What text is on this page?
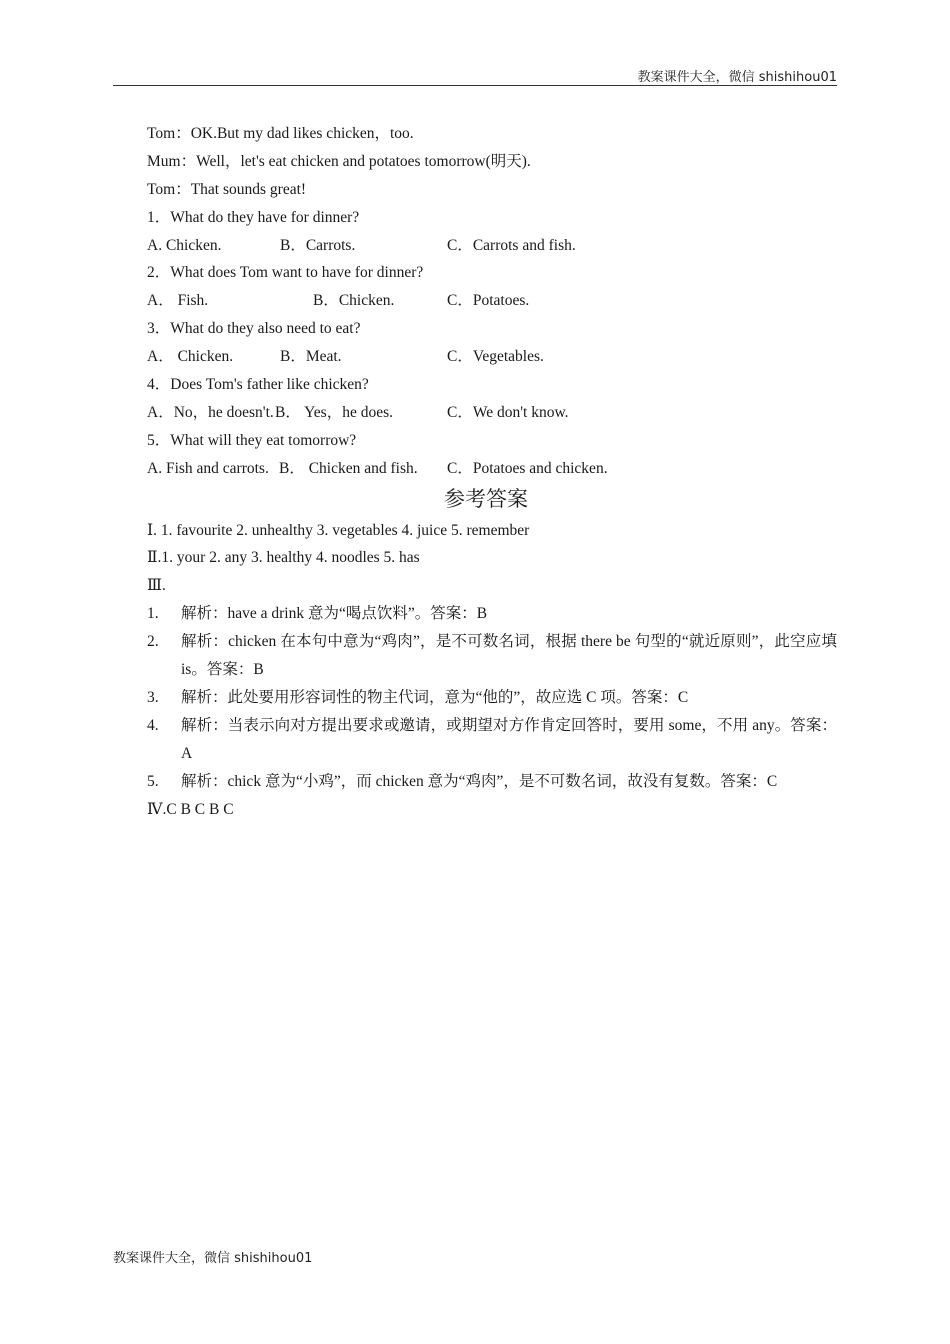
教案课件大全，微信 shishihou01
Tom：OK.But my dad likes chicken，too.
Mum：Well，let's eat chicken and potatoes tomorrow(明天).
Tom：That sounds great!
1．What do they have for dinner?
A. Chicken.	B．Carrots.	C．Carrots and fish.
2．What does Tom want to have for dinner?
A． Fish.	B．Chicken.	C．Potatoes.
3．What do they also need to eat?
A． Chicken.	B．Meat.	C．Vegetables.
4．Does Tom's father like chicken?
A．No，he doesn't. B． Yes，he does.	C．We don't know.
5．What will they eat tomorrow?
A. Fish and carrots. B． Chicken and fish. C．Potatoes and chicken.
参考答案
Ⅰ. 1. favourite 2. unhealthy 3. vegetables 4. juice 5. remember
Ⅱ.1. your 2. any 3. healthy 4. noodles 5. has
Ⅲ.
1. 解析：have a drink 意为“喝点饮料”。答案：B
2. 解析：chicken 在本句中意为“鸡肉”，是不可数名词，根据 there be 句型的“就近原则”，此空应填 is。答案：B
3. 解析：此处要用形容词性的物主代词，意为“他的”，故应选 C 项。答案：C
4. 解析：当表示向对方提出要求或邀请，或期望对方作肯定回答时，要用 some，不用 any。答案：A
5. 解析：chick 意为“小鸡”，而 chicken 意为“鸡肉”，是不可数名词，故没有复数。答案：C
Ⅳ.C B C B C
教案课件大全，微信 shishihou01
